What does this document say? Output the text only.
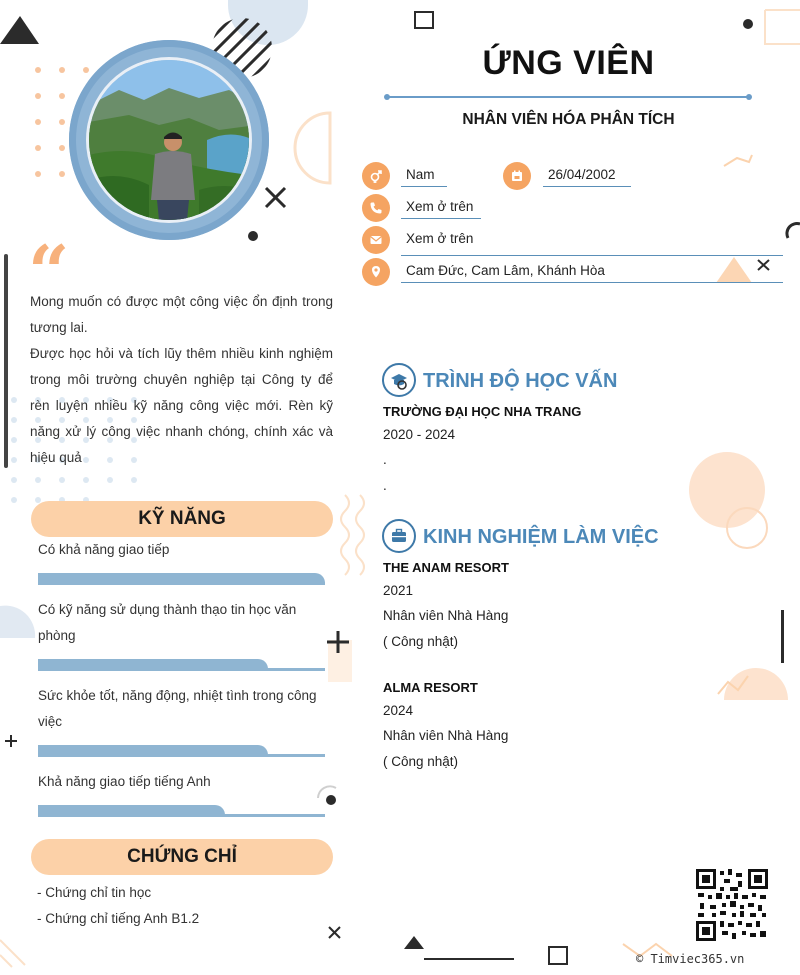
“

Mong muốn có được một công việc ổn định trong tương lai.

Được học hỏi và tích lũy thêm nhiều kinh nghiệm trong môi trường chuyên nghiệp tại Công ty để rèn luyện nhiều kỹ năng công việc mới. Rèn kỹ năng xử lý công việc nhanh chóng, chính xác và hiệu quả

KỸ NĂNG
Có khả năng giao tiếp
Có kỹ năng sử dụng thành thạo tin học văn phòng
Sức khỏe tốt, năng động, nhiệt tình trong công việc
Khả năng giao tiếp tiếng Anh
CHỨNG CHỈ
- Chứng chỉ tin học
- Chứng chỉ tiếng Anh B1.2
ỨNG VIÊN
NHÂN VIÊN HÓA PHÂN TÍCH
Nam	26/04/2002
Xem ở trên
Xem ở trên
Cam Đức, Cam Lâm, Khánh Hòa
TRÌNH ĐỘ HỌC VẤN
TRƯỜNG ĐẠI HỌC NHA TRANG
2020 - 2024
.
.
KINH NGHIỆM LÀM VIỆC
THE ANAM RESORT
2021
Nhân viên Nhà Hàng
( Công nhật)
ALMA RESORT
2024
Nhân viên Nhà Hàng
( Công nhật)
© Timviec365.vn
